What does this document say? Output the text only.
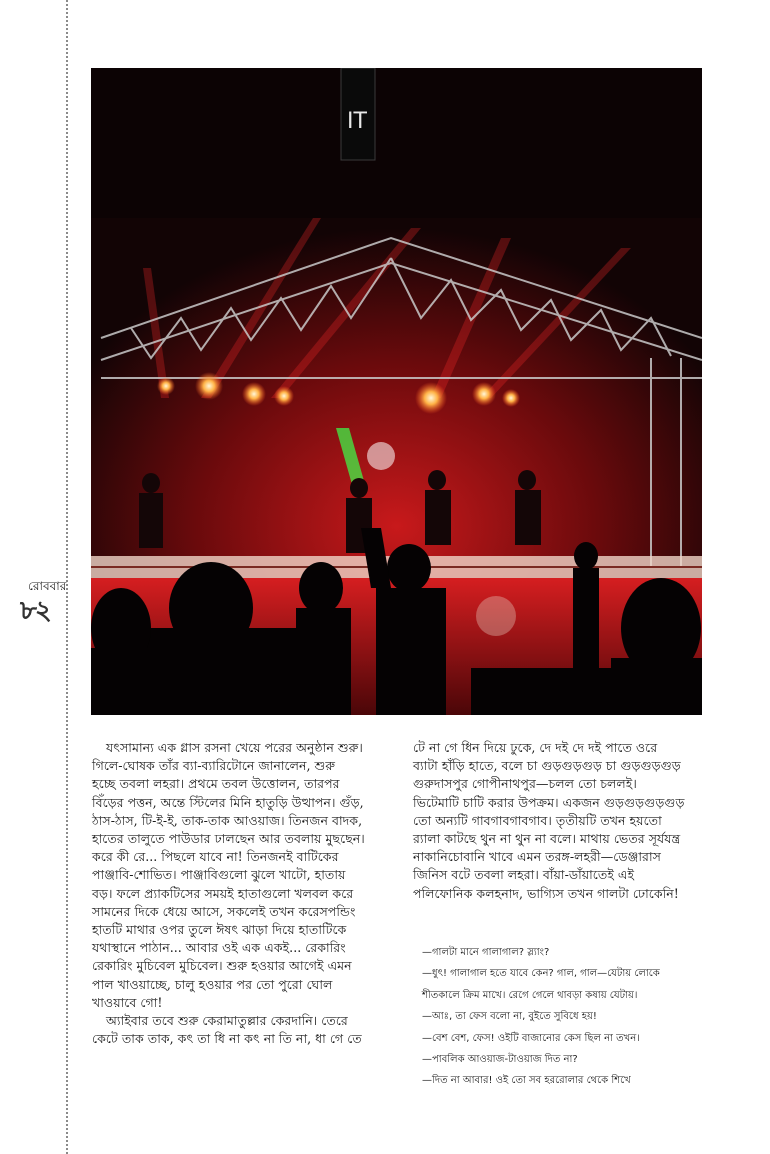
রোববার
৮২
IT

যৎসামান্য এক গ্লাস রসনা খেয়ে পরের অনুষ্ঠান শুরু।

গিলে-ঘোষক তাঁর ব্যা-ব্যারিটোনে জানালেন, শুরু

হচ্ছে তবলা লহরা। প্রথমে তবল উত্তোলন, তারপর

বিঁড়ের পত্তন, অন্তে স্টিলের মিনি হাতুড়ি উত্থাপন। গুঁড়,

ঠাস-ঠাস, টি-ই-ই, তাক-তাক আওয়াজ। তিনজন বাদক,

হাতের তালুতে পাউডার ঢালছেন আর তবলায় মুছছেন।

করে কী রে... পিছলে যাবে না! তিনজনই বাটিকের

পাঞ্জাবি-শোভিত। পাঞ্জাবিগুলো ঝুলে খাটো, হাতায়

বড়। ফলে প্র্যাকটিসের সময়ই হাতাগুলো খলবল করে

সামনের দিকে ধেয়ে আসে, সকলেই তখন করেসপন্ডিং

হাতটি মাথার ওপর তুলে ঈষৎ ঝাড়া দিয়ে হাতাটিকে

যথাস্থানে পাঠান... আবার ওই এক একই... রেকারিং

রেকারিং মুচিবেল মুচিবেল। শুরু হওয়ার আগেই এমন

পাল খাওয়াচ্ছে, চালু হওয়ার পর তো পুরো ঘোল

খাওয়াবে গো!

অ্যাইবার তবে শুরু কেরামাতুল্লার কেরদানি। তেরে

কেটে তাক তাক, কৎ তা ধি না কৎ না তি না, ধা গে তে

টে না গে ধিন দিয়ে ঢুকে, দে দই দে দই পাতে ওরে

ব্যাটা হাঁড়ি হাতে, বলে চা গুড়গুড়গুড় চা গুড়গুড়গুড়

গুরুদাসপুর গোপীনাথপুর—চলল তো চললই।

ভিটেমাটি চাটি করার উপক্রম। একজন গুড়গুড়গুড়গুড়

তো অন্যটি গাবগাবগাবগাব। তৃতীয়টি তখন হয়তো

র‍্যালা কাটছে থুন না থুন না বলে। মাথায় ভেতর সূর্যযন্ত্র

নাকানিচোবানি খাবে এমন তরঙ্গ-লহরী—ডেঞ্জারাস

জিনিস বটে তবলা লহরা। বাঁয়া-ডাঁয়াতেই এই

পলিফোনিক কলহনাদ, ভাগ্যিস তখন গালটা ঢোকেনি!

—গালটা মানে গালাগাল? স্ল্যাং?

—ধুৎ! গালাগাল হতে যাবে কেন? গাল, গাল—যেটায় লোকে

শীতকালে ক্রিম মাখে। রেগে গেলে থাবড়া কষায় যেটায়।

—আঃ, তা ফেস বলো না, বুইতে সুবিধে হয়!

—বেশ বেশ, ফেস! ওইটি বাজানোর কেস ছিল না তখন।

—পাবলিক আওয়াজ-টাওয়াজ দিত না?

—দিত না আবার! ওই তো সব হররোলার থেকে শিখে
